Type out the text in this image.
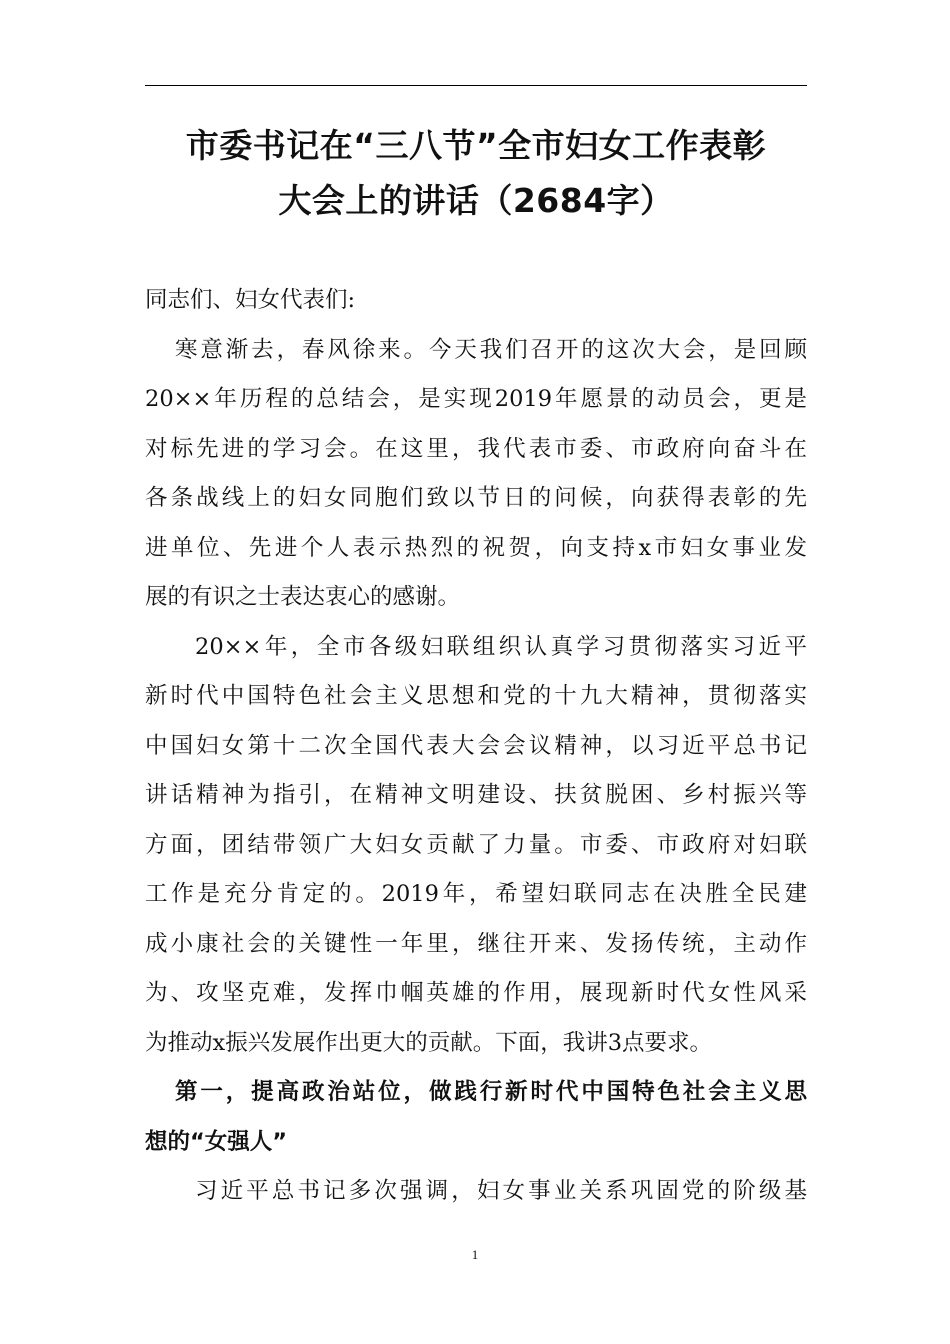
市委书记在“三八节”全市妇女工作表彰
大会上的讲话（2684字）
同志们、妇女代表们:
寒意渐去，春风徐来。今天我们召开的这次大会，是回顾
20××年历程的总结会，是实现2019年愿景的动员会，更是
对标先进的学习会。在这里，我代表市委、市政府向奋斗在
各条战线上的妇女同胞们致以节日的问候，向获得表彰的先
进单位、先进个人表示热烈的祝贺，向支持x市妇女事业发
展的有识之士表达衷心的感谢。
20××年，全市各级妇联组织认真学习贯彻落实习近平
新时代中国特色社会主义思想和党的十九大精神，贯彻落实
中国妇女第十二次全国代表大会会议精神，以习近平总书记
讲话精神为指引，在精神文明建设、扶贫脱困、乡村振兴等
方面，团结带领广大妇女贡献了力量。市委、市政府对妇联
工作是充分肯定的。2019年，希望妇联同志在决胜全民建
成小康社会的关键性一年里，继往开来、发扬传统，主动作
为、攻坚克难，发挥巾帼英雄的作用，展现新时代女性风采
为推动x振兴发展作出更大的贡献。下面，我讲3点要求。
第一，提高政治站位，做践行新时代中国特色社会主义思
想的“女强人”
习近平总书记多次强调，妇女事业关系巩固党的阶级基
1
